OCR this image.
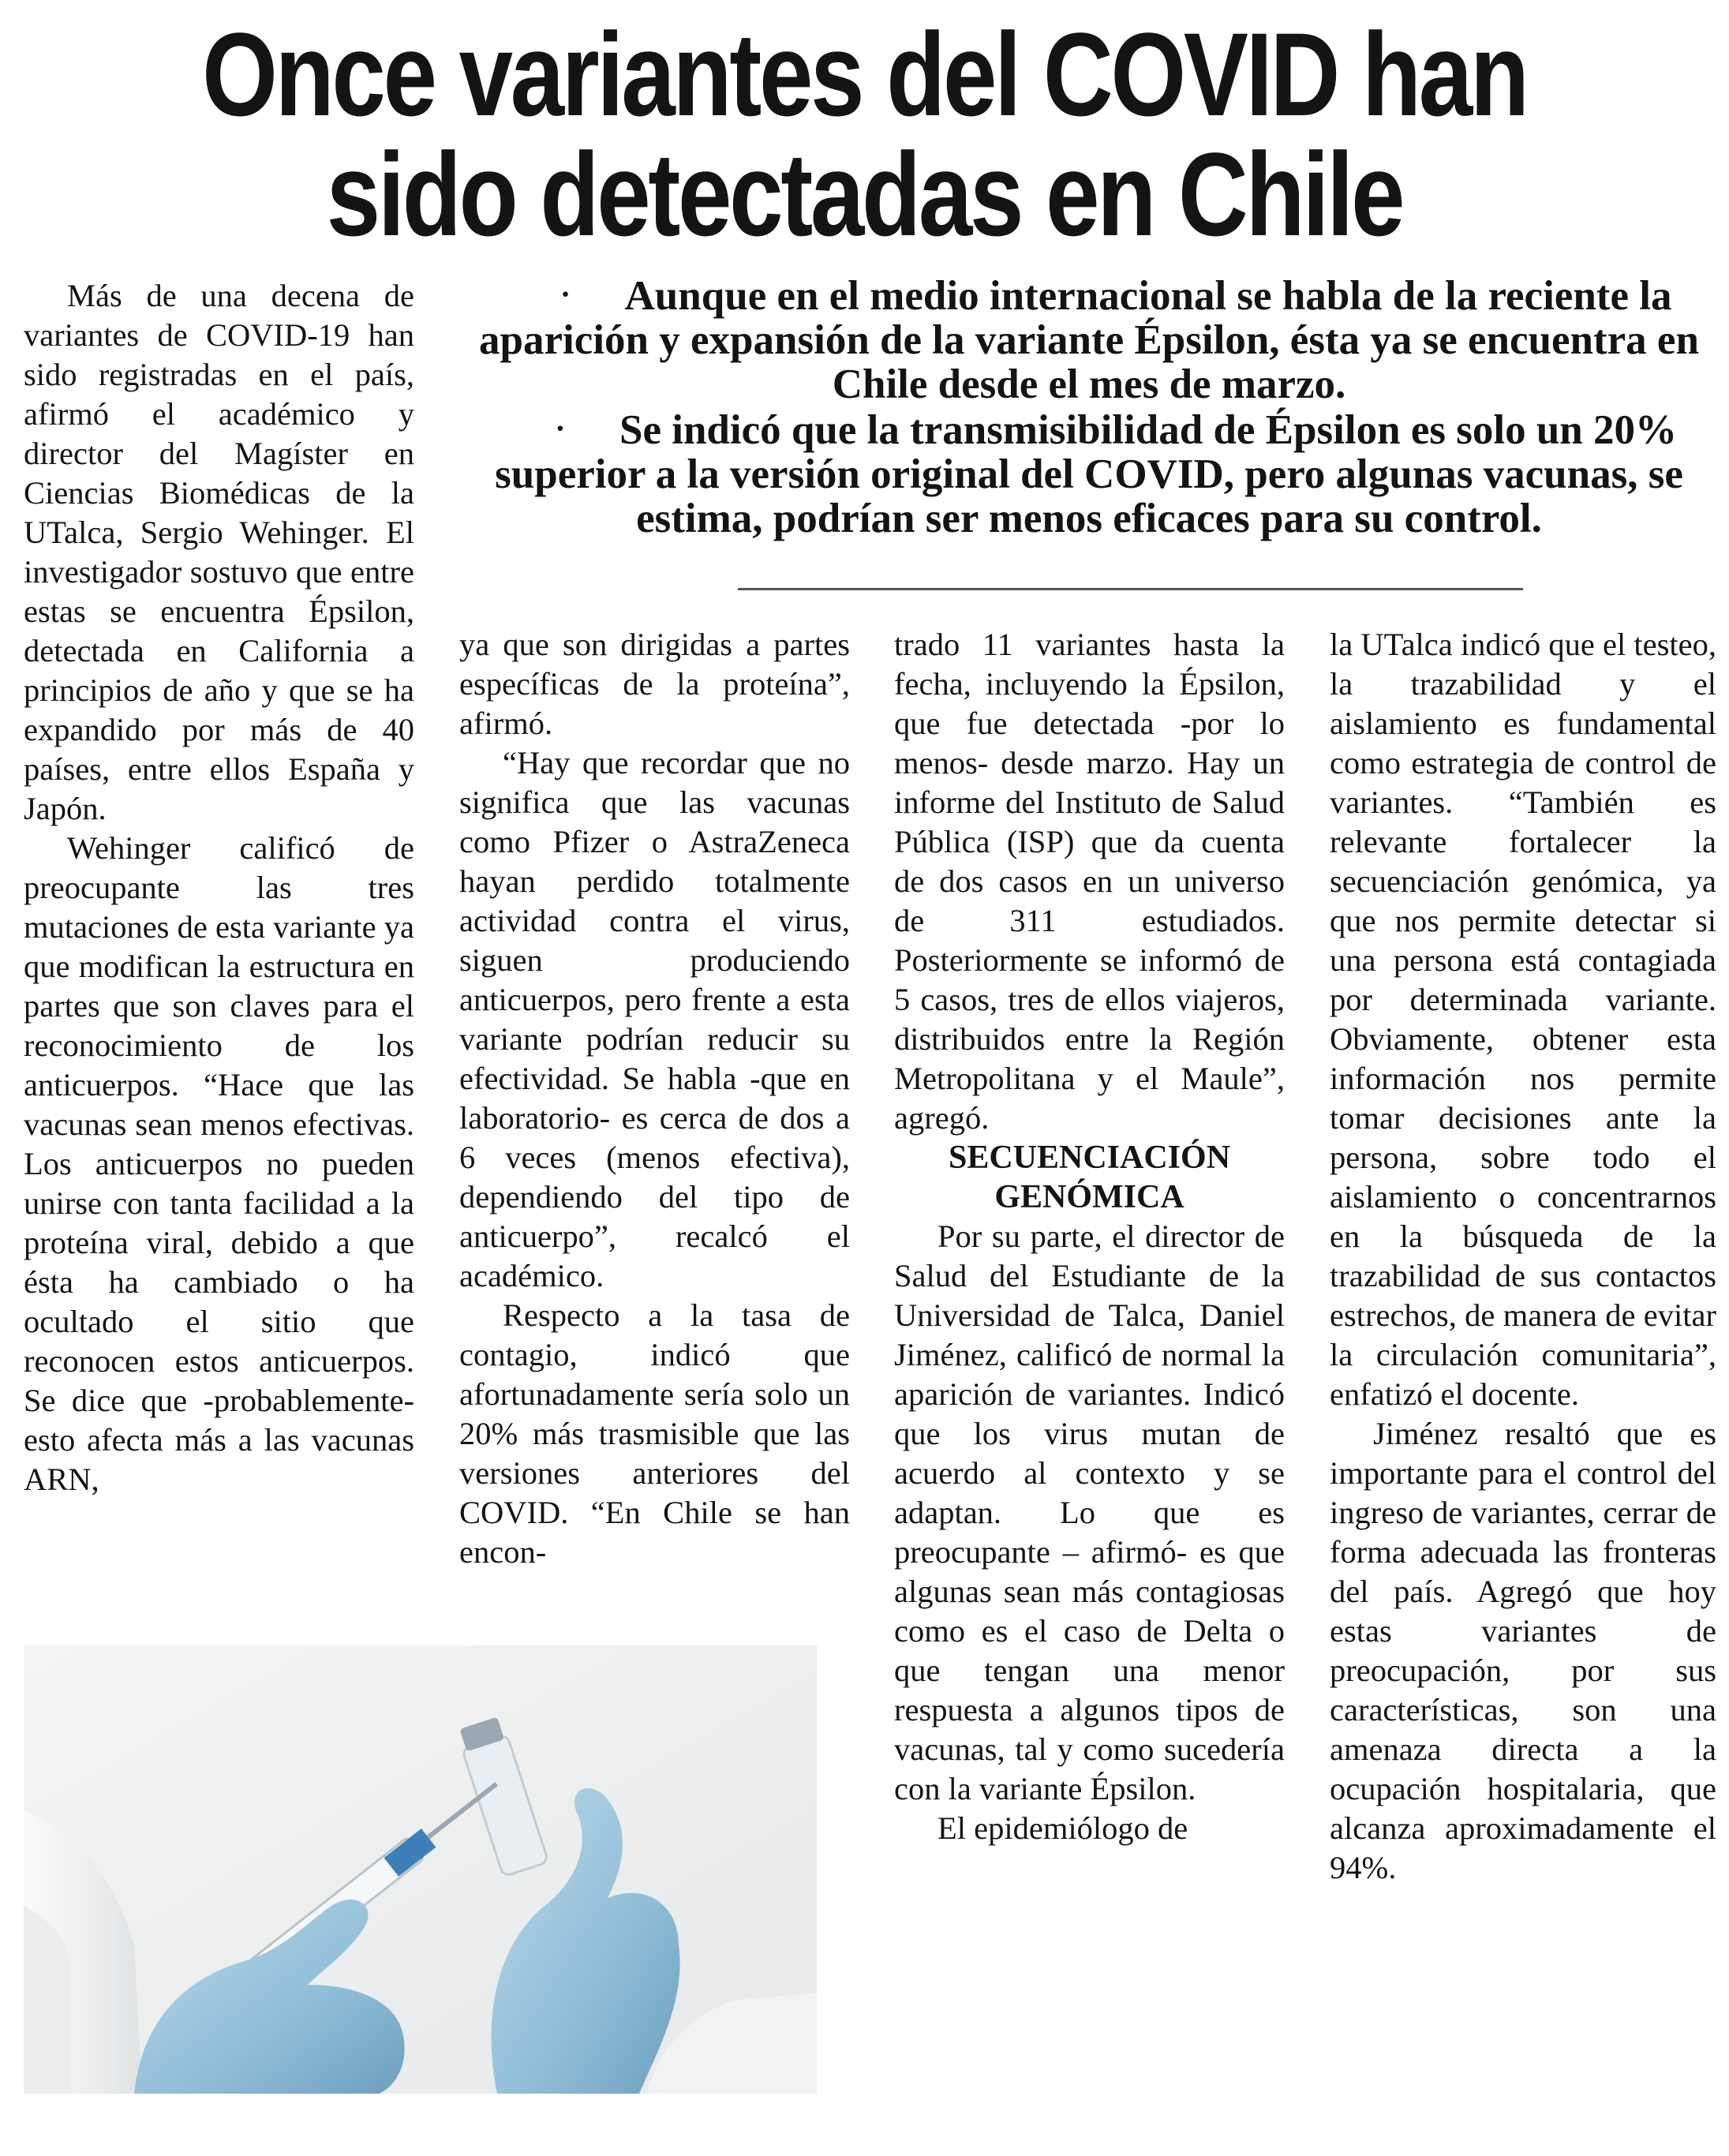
Once variantes del COVID han
sido detectadas en Chile

· Aunque en el medio internacional se habla de la reciente la aparición y expansión de la variante Épsilon, ésta ya se encuentra en Chile desde el mes de marzo.

· Se indicó que la transmisibilidad de Épsilon es solo un 20% superior a la versión original del COVID, pero algunas vacunas, se estima, podrían ser menos eficaces para su control.

Más de una decena de variantes de COVID-19 han sido registradas en el país, afirmó el académico y director del Magíster en Ciencias Biomédicas de la UTalca, Sergio Wehinger. El investigador sostuvo que entre estas se encuentra Épsilon, detectada en California a principios de año y que se ha expandido por más de 40 países, entre ellos España y Japón.

Wehinger calificó de preocupante las tres mutaciones de esta variante ya que modifican la estructura en partes que son claves para el reconocimiento de los anticuerpos. “Hace que las vacunas sean menos efectivas. Los anticuerpos no pueden unirse con tanta facilidad a la proteína viral, debido a que ésta ha cambiado o ha ocultado el sitio que reconocen estos anticuerpos. Se dice que -probablemente- esto afecta más a las vacunas ARN,

ya que son dirigidas a partes específicas de la proteína”, afirmó.

“Hay que recordar que no significa que las vacunas como Pfizer o AstraZeneca hayan perdido totalmente actividad contra el virus, siguen produciendo anticuerpos, pero frente a esta variante podrían reducir su efectividad. Se habla -que en laboratorio- es cerca de dos a 6 veces (menos efectiva), dependiendo del tipo de anticuerpo”, recalcó el académico.

Respecto a la tasa de contagio, indicó que afortunadamente sería solo un 20% más trasmisible que las versiones anteriores del COVID. “En Chile se han encon-

trado 11 variantes hasta la fecha, incluyendo la Épsilon, que fue detectada -por lo menos- desde marzo. Hay un informe del Instituto de Salud Pública (ISP) que da cuenta de dos casos en un universo de 311 estudiados. Posteriormente se informó de 5 casos, tres de ellos viajeros, distribuidos entre la Región Metropolitana y el Maule”, agregó.

SECUENCIACIÓN GENÓMICA

Por su parte, el director de Salud del Estudiante de la Universidad de Talca, Daniel Jiménez, calificó de normal la aparición de variantes. Indicó que los virus mutan de acuerdo al contexto y se adaptan. Lo que es preocupante – afirmó- es que algunas sean más contagiosas como es el caso de Delta o que tengan una menor respuesta a algunos tipos de vacunas, tal y como sucedería con la variante Épsilon.

El epidemiólogo de

la UTalca indicó que el testeo, la trazabilidad y el aislamiento es fundamental como estrategia de control de variantes. “También es relevante fortalecer la secuenciación genómica, ya que nos permite detectar si una persona está contagiada por determinada variante. Obviamente, obtener esta información nos permite tomar decisiones ante la persona, sobre todo el aislamiento o concentrarnos en la búsqueda de la trazabilidad de sus contactos estrechos, de manera de evitar la circulación comunitaria”, enfatizó el docente.

Jiménez resaltó que es importante para el control del ingreso de variantes, cerrar de forma adecuada las fronteras del país. Agregó que hoy estas variantes de preocupación, por sus características, son una amenaza directa a la ocupación hospitalaria, que alcanza aproximadamente el 94%.
